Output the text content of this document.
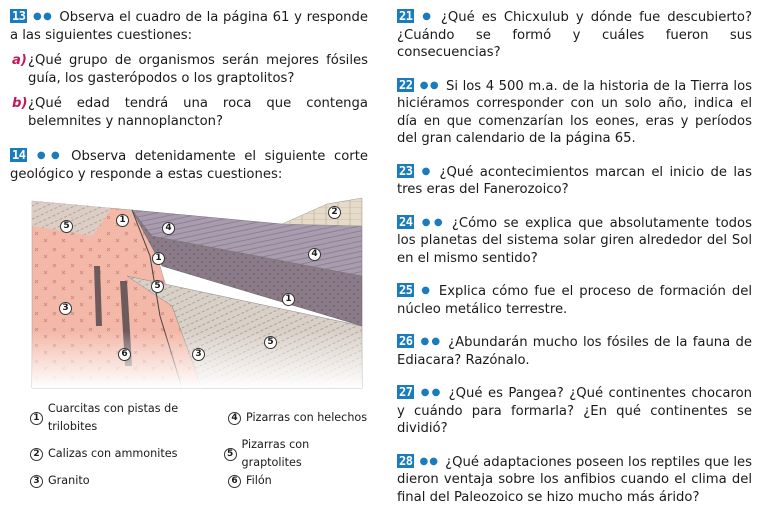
13 ●● Observa el cuadro de la página 61 y responde a las siguientes cuestiones:
a) ¿Qué grupo de organismos serán mejores fósiles guía, los gasterópodos o los graptolitos?
b) ¿Qué edad tendrá una roca que contenga belemnites y nannoplancton?
14 ●● Observa detenidamente el siguiente corte geológico y responde a estas cuestiones:
1
1
1
2
3
3
4
4
5
5
5
6
1
Cuarcitas con pistas de trilobites
4 Pizarras con helechos
2 Calizas con ammonites	5
Pizarras con graptolites
3 Granito	6 Filón
21 ● ¿Qué es Chicxulub y dónde fue descubierto? ¿Cuándo se formó y cuáles fueron sus consecuencias?
22 ●● Si los 4 500 m.a. de la historia de la Tierra los hiciéramos corresponder con un solo año, indica el día en que comenzarían los eones, eras y períodos del gran calendario de la página 65.
23 ● ¿Qué acontecimientos marcan el inicio de las tres eras del Fanerozoico?
24 ●● ¿Cómo se explica que absolutamente todos los planetas del sistema solar giren alrededor del Sol en el mismo sentido?
25 ● Explica cómo fue el proceso de formación del núcleo metálico terrestre.
26 ●● ¿Abundarán mucho los fósiles de la fauna de Ediacara? Razónalo.
27 ●● ¿Qué es Pangea? ¿Qué continentes chocaron y cuándo para formarla? ¿En qué continentes se dividió?
28 ●● ¿Qué adaptaciones poseen los reptiles que les dieron ventaja sobre los anfibios cuando el clima del final del Paleozoico se hizo mucho más árido?
